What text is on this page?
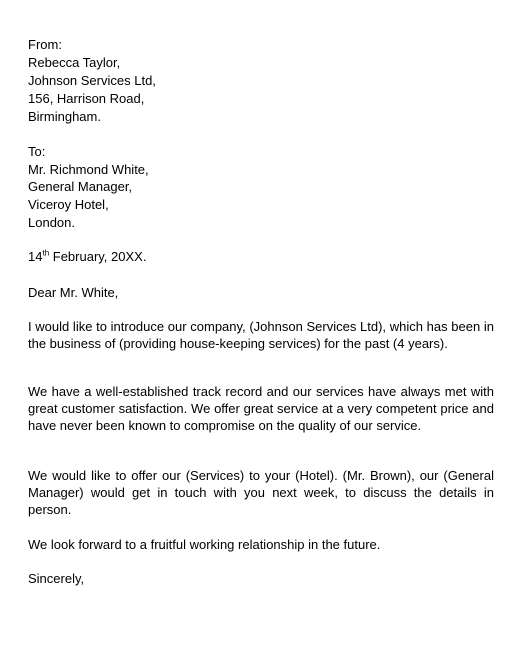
From:
Rebecca Taylor,
Johnson Services Ltd,
156, Harrison Road,
Birmingham.
To:
Mr. Richmond White,
General Manager,
Viceroy Hotel,
London.
14th February, 20XX.
Dear Mr. White,
I would like to introduce our company, (Johnson Services Ltd), which has been in the business of (providing house-keeping services) for the past (4 years).
We have a well-established track record and our services have always met with great customer satisfaction. We offer great service at a very competent price and have never been known to compromise on the quality of our service.
We would like to offer our (Services) to your (Hotel). (Mr. Brown), our (General Manager) would get in touch with you next week, to discuss the details in person.
We look forward to a fruitful working relationship in the future.
Sincerely,
